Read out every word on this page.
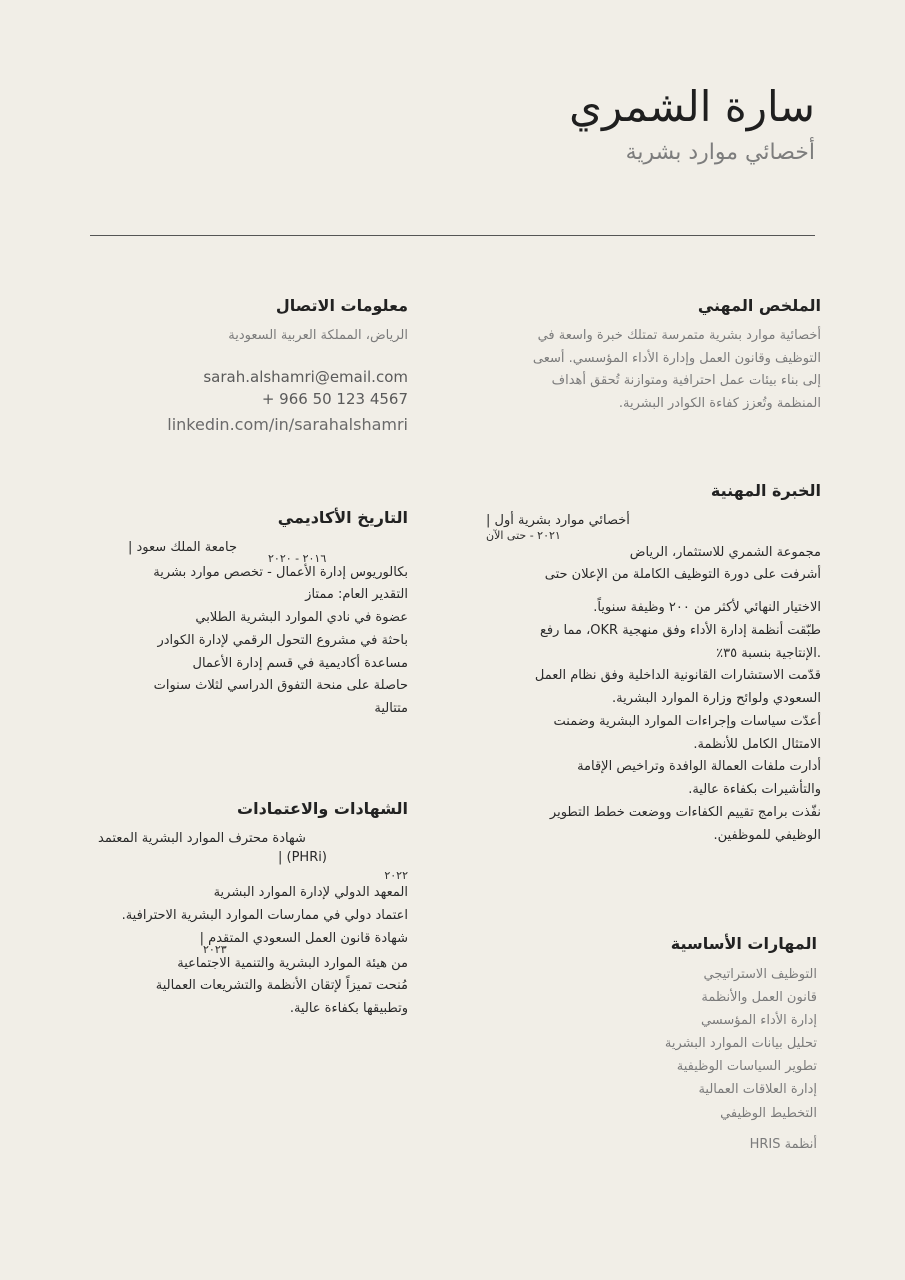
سارة الشمري
أخصائي موارد بشرية
الملخص المهني
أخصائية موارد بشرية متمرسة تمتلك خبرة واسعة في
التوظيف وقانون العمل وإدارة الأداء المؤسسي. أسعى
إلى بناء بيئات عمل احترافية ومتوازنة تُحقق أهداف
المنظمة وتُعزز كفاءة الكوادر البشرية.
الخبرة المهنية
أخصائي موارد بشرية أول |
٢٠٢١ - حتى الآن
مجموعة الشمري للاستثمار، الرياض
أشرفت على دورة التوظيف الكاملة من الإعلان حتى
الاختيار النهائي لأكثر من ٢٠٠ وظيفة سنوياً.
طبّقت أنظمة إدارة الأداء وفق منهجية OKR، مما رفع
.الإنتاجية بنسبة ٣٥٪
قدّمت الاستشارات القانونية الداخلية وفق نظام العمل
السعودي ولوائح وزارة الموارد البشرية.
أعدّت سياسات وإجراءات الموارد البشرية وضمنت
الامتثال الكامل للأنظمة.
أدارت ملفات العمالة الوافدة وتراخيص الإقامة
والتأشيرات بكفاءة عالية.
نفّذت برامج تقييم الكفاءات ووضعت خطط التطوير
الوظيفي للموظفين.
المهارات الأساسية
التوظيف الاستراتيجي
قانون العمل والأنظمة
إدارة الأداء المؤسسي
تحليل بيانات الموارد البشرية
تطوير السياسات الوظيفية
إدارة العلاقات العمالية
التخطيط الوظيفي
أنظمة HRIS
معلومات الاتصال
الرياض، المملكة العربية السعودية
sarah.alshamri@email.com
+ 966 50 123 4567
linkedin.com/in/sarahalshamri
التاريخ الأكاديمي
جامعة الملك سعود |
٢٠١٦ - ٢٠٢٠
بكالوريوس إدارة الأعمال - تخصص موارد بشرية
التقدير العام: ممتاز
عضوة في نادي الموارد البشرية الطلابي
باحثة في مشروع التحول الرقمي لإدارة الكوادر
مساعدة أكاديمية في قسم إدارة الأعمال
حاصلة على منحة التفوق الدراسي لثلاث سنوات
متتالية
الشهادات والاعتمادات
شهادة محترف الموارد البشرية المعتمد
(PHRi) |
٢٠٢٢
المعهد الدولي لإدارة الموارد البشرية
اعتماد دولي في ممارسات الموارد البشرية الاحترافية.
شهادة قانون العمل السعودي المتقدم |
٢٠٢٣
من هيئة الموارد البشرية والتنمية الاجتماعية
مُنحت تميزاً لإتقان الأنظمة والتشريعات العمالية
وتطبيقها بكفاءة عالية.
